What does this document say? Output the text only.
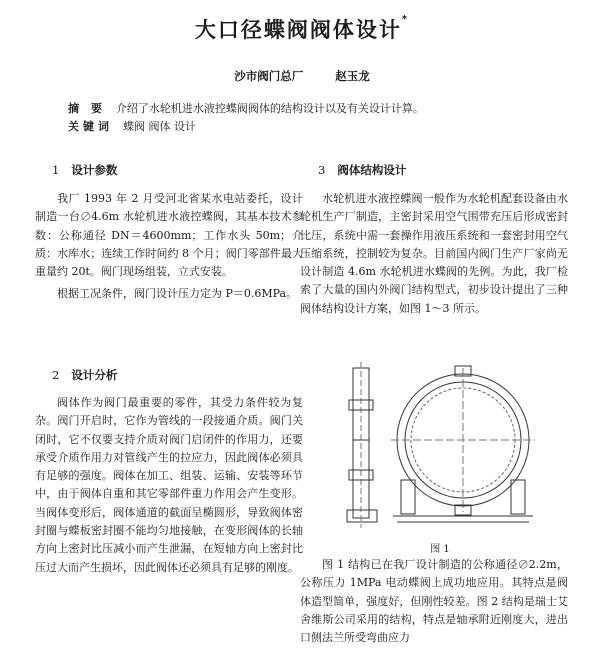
大口径蝶阀阀体设计*
沙市阀门总厂	赵玉龙
摘 要 介绍了水轮机进水液控蝶阀阀体的结构设计以及有关设计计算。
关键词 蝶阀 阀体 设计
1 设计参数

我厂 1993 年 2 月受河北省某水电站委托，设计制造一台∅4.6m 水轮机进水液控蝶阀，其基本技术参数：公称通径 DN＝4600mm；工作水头 50m；介质：水库水；连续工作时间约 8 个月；阀门零部件最大重量约 20t。阀门现场组装，立式安装。

根据工况条件，阀门设计压力定为 P＝0.6MPa。

2 设计分析

阀体作为阀门最重要的零件，其受力条件较为复杂。阀门开启时，它作为管线的一段接通介质。阀门关闭时，它不仅要支持介质对阀门启闭件的作用力，还要承受介质作用力对管线产生的拉应力，因此阀体必须具有足够的强度。阀体在加工、组装、运输、安装等环节中，由于阀体自重和其它零部件重力作用会产生变形。当阀体变形后，阀体通道的截面呈椭圆形，导致阀体密封圈与蝶板密封圈不能均匀地接触，在变形阀体的长轴方向上密封比压减小而产生泄漏，在短轴方向上密封比压过大而产生损坏，因此阀体还必须具有足够的刚度。

3 阀体结构设计

水轮机进水液控蝶阀一般作为水轮机配套设备由水轮机生产厂制造，主密封采用空气围带充压后形成密封比压，系统中需一套操作用液压系统和一套密封用空气压缩系统，控制较为复杂。目前国内阀门生产厂家尚无设计制造 4.6m 水轮机进水蝶阀的先例。为此，我厂检索了大量的国内外阀门结构型式，初步设计提出了三种阀体结构设计方案，如图 1～3 所示。

图 1

图 1 结构已在我厂设计制造的公称通径∅2.2m，公称压力 1MPa 电动蝶阀上成功地应用。其特点是阀体造型简单，强度好，但刚性较差。图 2 结构是瑞士艾舍维斯公司采用的结构，特点是轴承附近刚度大，进出口侧法兰所受弯曲应力
